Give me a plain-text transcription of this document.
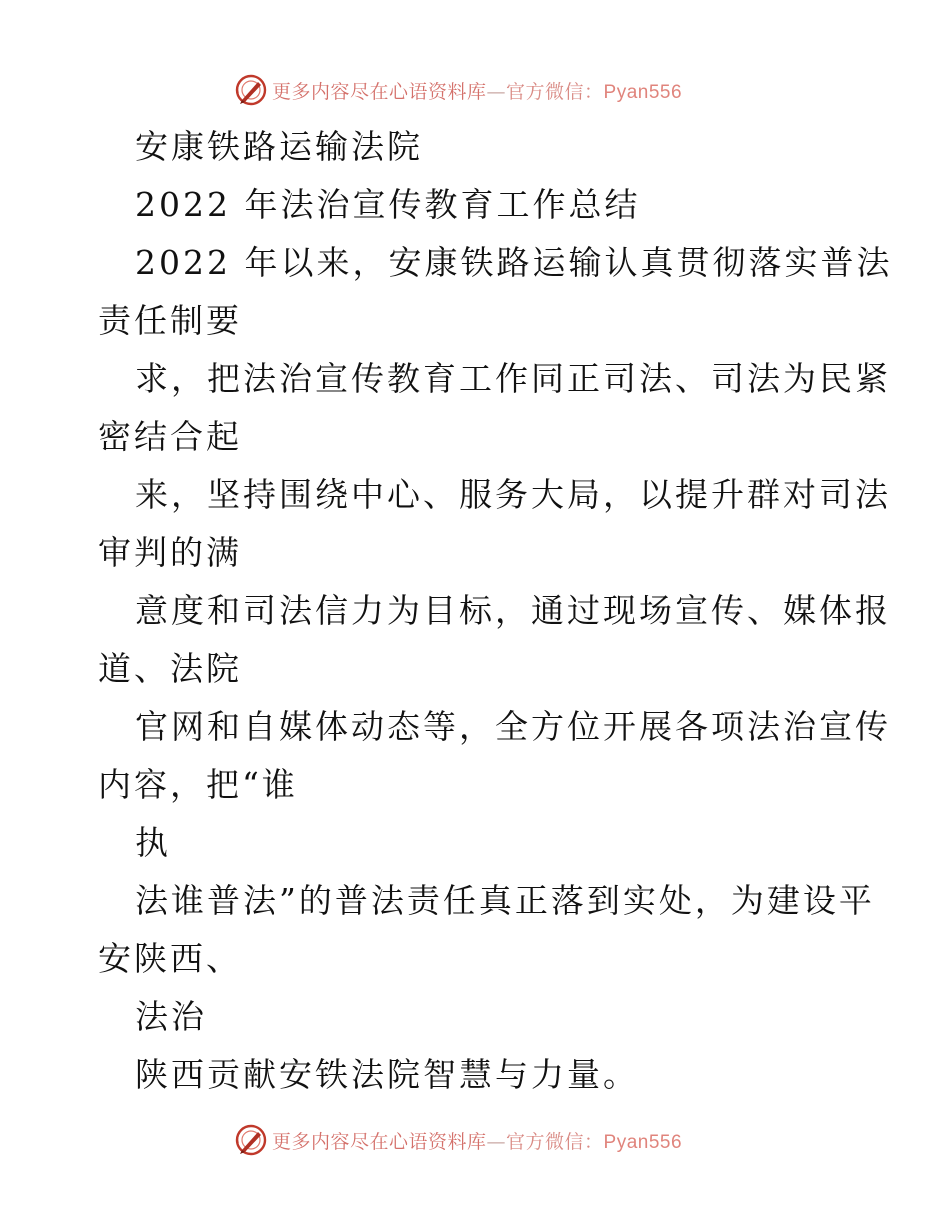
更多内容尽在心语资料库—官方微信：Pyan556
安康铁路运输法院
2022 年法治宣传教育工作总结
2022 年以来，安康铁路运输认真贯彻落实普法
责任制要
求，把法治宣传教育工作同正司法、司法为民紧
密结合起
来，坚持围绕中心、服务大局，以提升群对司法
审判的满
意度和司法信力为目标，通过现场宣传、媒体报
道、法院
官网和自媒体动态等，全方位开展各项法治宣传
内容，把“谁
执
法谁普法”的普法责任真正落到实处，为建设平
安陕西、
法治
陕西贡献安铁法院智慧与力量。
更多内容尽在心语资料库—官方微信：Pyan556
